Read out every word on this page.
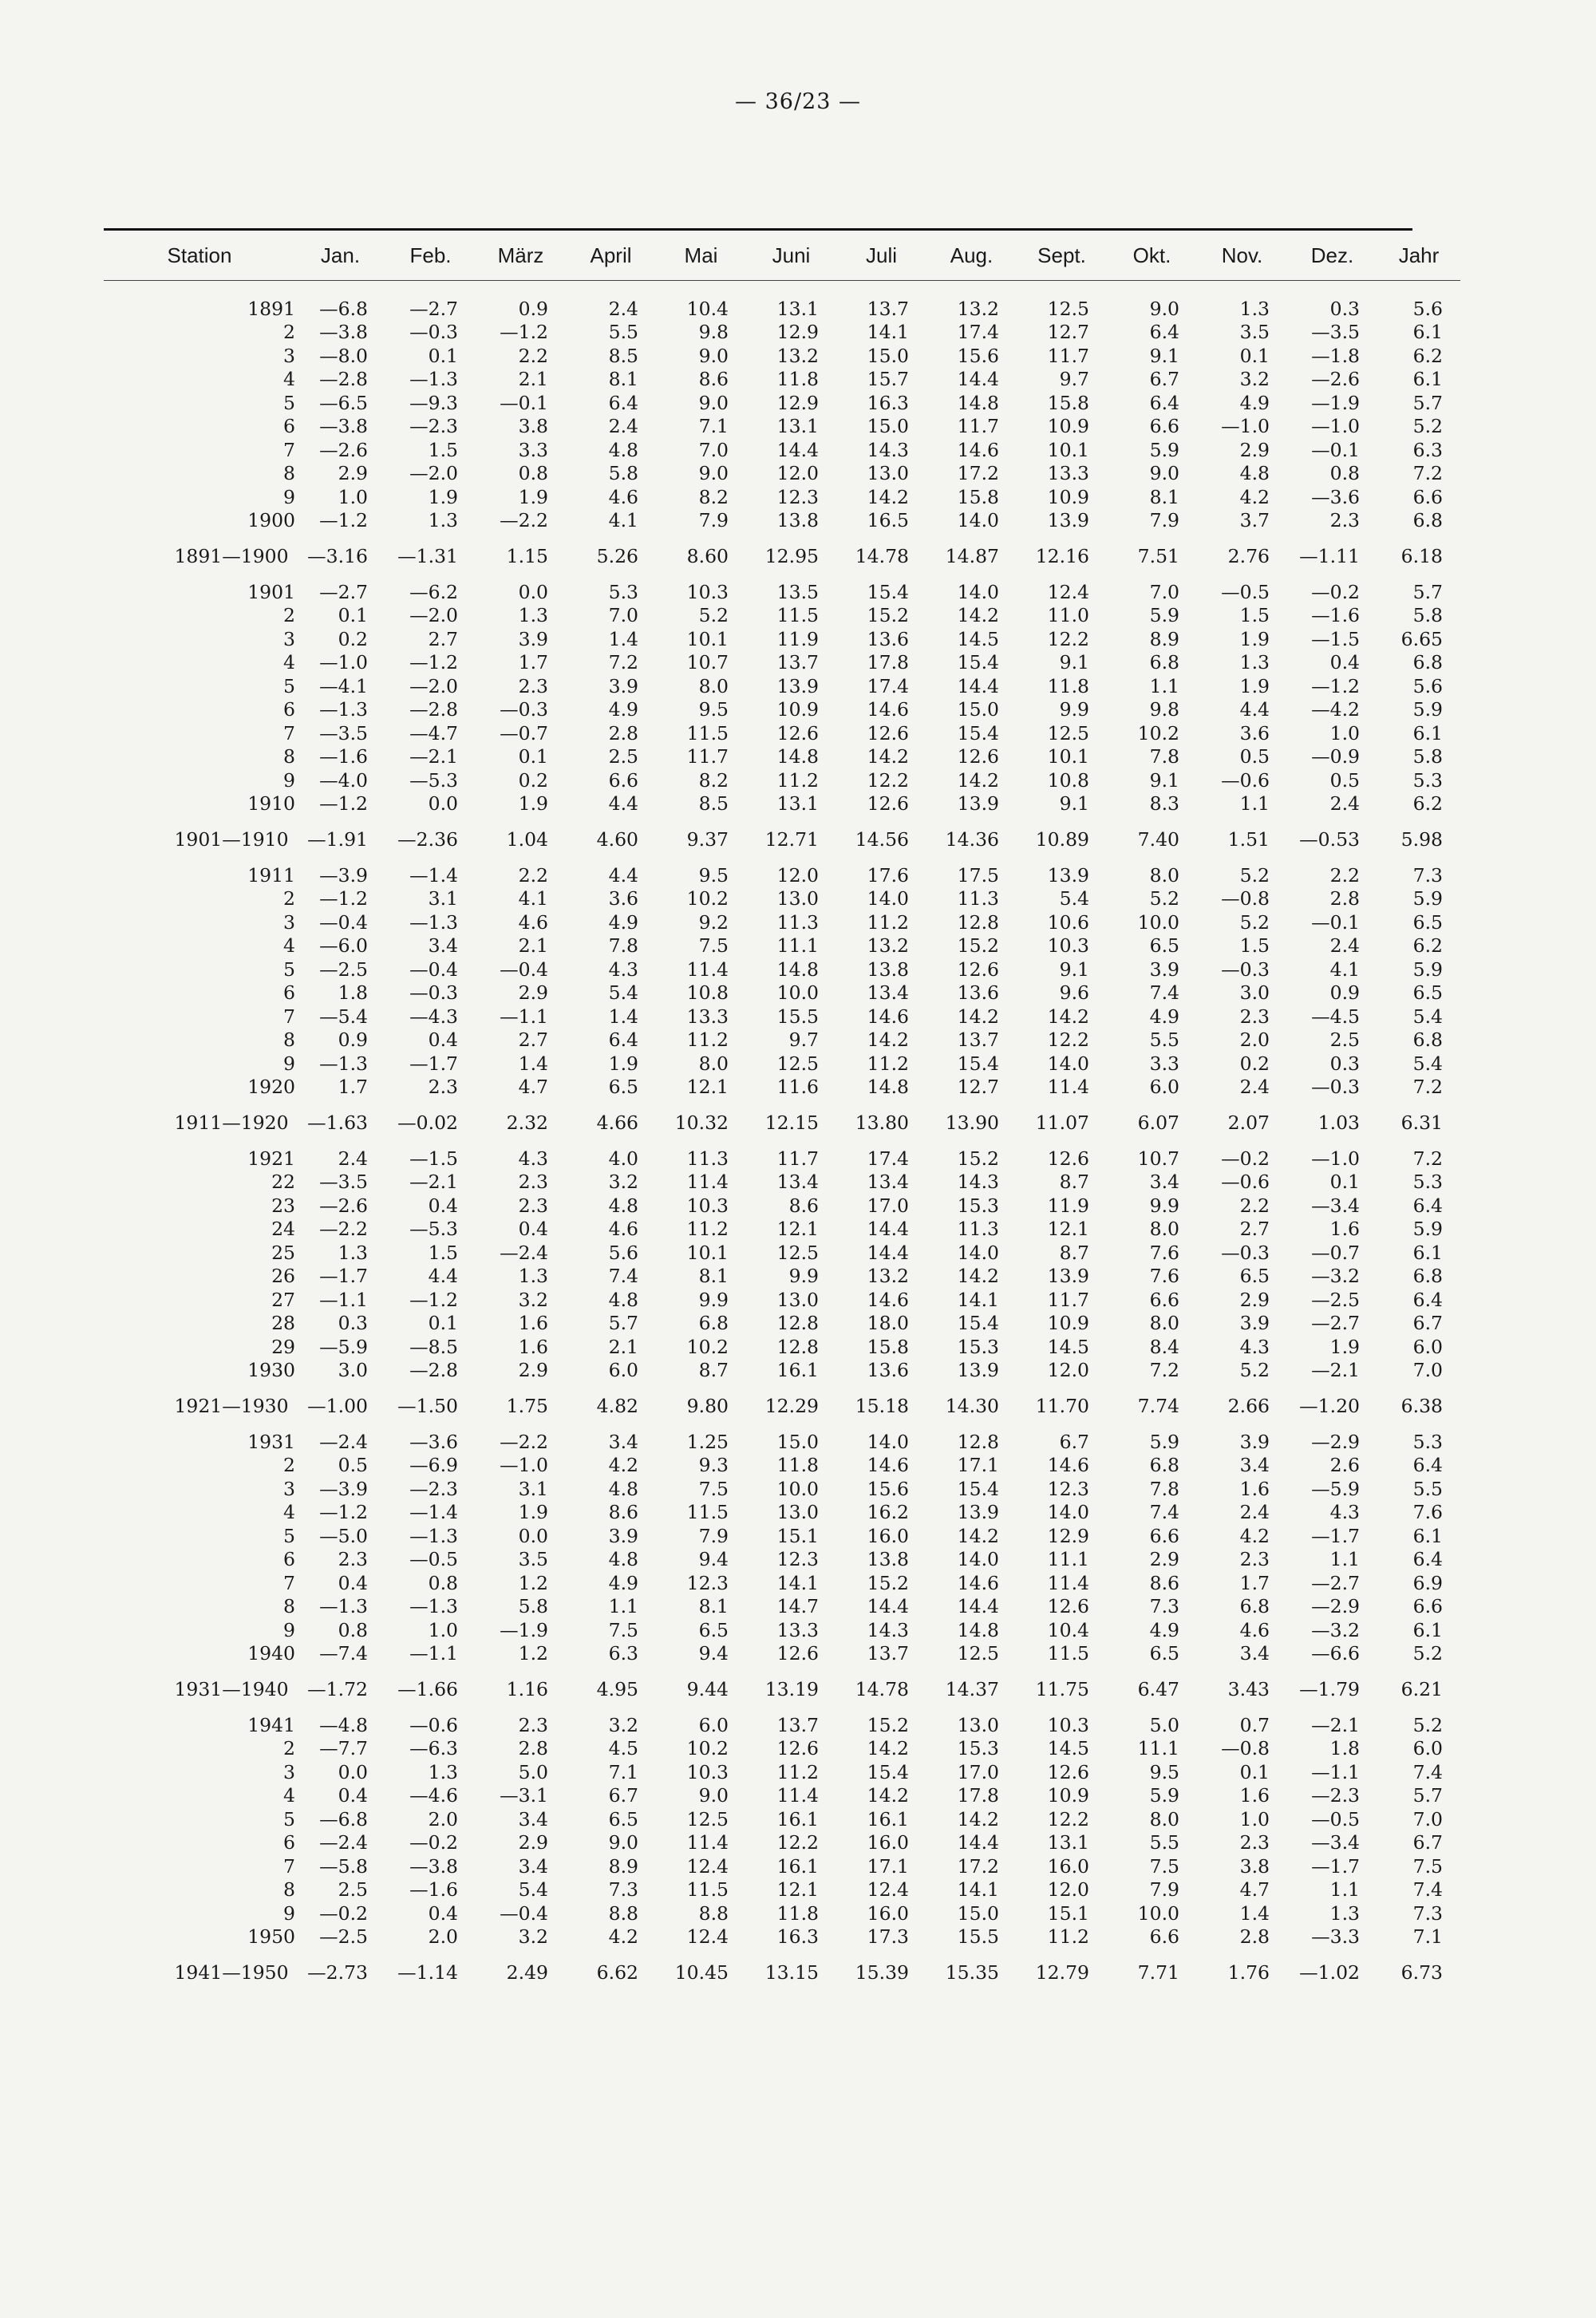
— 36/23 —
Station	Jan.	Feb.	März	April	Mai	Juni	Juli	Aug.	Sept.	Okt.	Nov.	Dez.	Jahr

1891	—6.8	—2.7	0.9	2.4	10.4	13.1	13.7	13.2	12.5	9.0	1.3	0.3	5.6
2	—3.8	—0.3	—1.2	5.5	9.8	12.9	14.1	17.4	12.7	6.4	3.5	—3.5	6.1
3	—8.0	0.1	2.2	8.5	9.0	13.2	15.0	15.6	11.7	9.1	0.1	—1.8	6.2
4	—2.8	—1.3	2.1	8.1	8.6	11.8	15.7	14.4	9.7	6.7	3.2	—2.6	6.1
5	—6.5	—9.3	—0.1	6.4	9.0	12.9	16.3	14.8	15.8	6.4	4.9	—1.9	5.7
6	—3.8	—2.3	3.8	2.4	7.1	13.1	15.0	11.7	10.9	6.6	—1.0	—1.0	5.2
7	—2.6	1.5	3.3	4.8	7.0	14.4	14.3	14.6	10.1	5.9	2.9	—0.1	6.3
8	2.9	—2.0	0.8	5.8	9.0	12.0	13.0	17.2	13.3	9.0	4.8	0.8	7.2
9	1.0	1.9	1.9	4.6	8.2	12.3	14.2	15.8	10.9	8.1	4.2	—3.6	6.6
1900	—1.2	1.3	—2.2	4.1	7.9	13.8	16.5	14.0	13.9	7.9	3.7	2.3	6.8

1891—1900	—3.16	—1.31	1.15	5.26	8.60	12.95	14.78	14.87	12.16	7.51	2.76	—1.11	6.18

1901	—2.7	—6.2	0.0	5.3	10.3	13.5	15.4	14.0	12.4	7.0	—0.5	—0.2	5.7
2	0.1	—2.0	1.3	7.0	5.2	11.5	15.2	14.2	11.0	5.9	1.5	—1.6	5.8
3	0.2	2.7	3.9	1.4	10.1	11.9	13.6	14.5	12.2	8.9	1.9	—1.5	6.65
4	—1.0	—1.2	1.7	7.2	10.7	13.7	17.8	15.4	9.1	6.8	1.3	0.4	6.8
5	—4.1	—2.0	2.3	3.9	8.0	13.9	17.4	14.4	11.8	1.1	1.9	—1.2	5.6
6	—1.3	—2.8	—0.3	4.9	9.5	10.9	14.6	15.0	9.9	9.8	4.4	—4.2	5.9
7	—3.5	—4.7	—0.7	2.8	11.5	12.6	12.6	15.4	12.5	10.2	3.6	1.0	6.1
8	—1.6	—2.1	0.1	2.5	11.7	14.8	14.2	12.6	10.1	7.8	0.5	—0.9	5.8
9	—4.0	—5.3	0.2	6.6	8.2	11.2	12.2	14.2	10.8	9.1	—0.6	0.5	5.3
1910	—1.2	0.0	1.9	4.4	8.5	13.1	12.6	13.9	9.1	8.3	1.1	2.4	6.2

1901—1910	—1.91	—2.36	1.04	4.60	9.37	12.71	14.56	14.36	10.89	7.40	1.51	—0.53	5.98

1911	—3.9	—1.4	2.2	4.4	9.5	12.0	17.6	17.5	13.9	8.0	5.2	2.2	7.3
2	—1.2	3.1	4.1	3.6	10.2	13.0	14.0	11.3	5.4	5.2	—0.8	2.8	5.9
3	—0.4	—1.3	4.6	4.9	9.2	11.3	11.2	12.8	10.6	10.0	5.2	—0.1	6.5
4	—6.0	3.4	2.1	7.8	7.5	11.1	13.2	15.2	10.3	6.5	1.5	2.4	6.2
5	—2.5	—0.4	—0.4	4.3	11.4	14.8	13.8	12.6	9.1	3.9	—0.3	4.1	5.9
6	1.8	—0.3	2.9	5.4	10.8	10.0	13.4	13.6	9.6	7.4	3.0	0.9	6.5
7	—5.4	—4.3	—1.1	1.4	13.3	15.5	14.6	14.2	14.2	4.9	2.3	—4.5	5.4
8	0.9	0.4	2.7	6.4	11.2	9.7	14.2	13.7	12.2	5.5	2.0	2.5	6.8
9	—1.3	—1.7	1.4	1.9	8.0	12.5	11.2	15.4	14.0	3.3	0.2	0.3	5.4
1920	1.7	2.3	4.7	6.5	12.1	11.6	14.8	12.7	11.4	6.0	2.4	—0.3	7.2

1911—1920	—1.63	—0.02	2.32	4.66	10.32	12.15	13.80	13.90	11.07	6.07	2.07	1.03	6.31

1921	2.4	—1.5	4.3	4.0	11.3	11.7	17.4	15.2	12.6	10.7	—0.2	—1.0	7.2
22	—3.5	—2.1	2.3	3.2	11.4	13.4	13.4	14.3	8.7	3.4	—0.6	0.1	5.3
23	—2.6	0.4	2.3	4.8	10.3	8.6	17.0	15.3	11.9	9.9	2.2	—3.4	6.4
24	—2.2	—5.3	0.4	4.6	11.2	12.1	14.4	11.3	12.1	8.0	2.7	1.6	5.9
25	1.3	1.5	—2.4	5.6	10.1	12.5	14.4	14.0	8.7	7.6	—0.3	—0.7	6.1
26	—1.7	4.4	1.3	7.4	8.1	9.9	13.2	14.2	13.9	7.6	6.5	—3.2	6.8
27	—1.1	—1.2	3.2	4.8	9.9	13.0	14.6	14.1	11.7	6.6	2.9	—2.5	6.4
28	0.3	0.1	1.6	5.7	6.8	12.8	18.0	15.4	10.9	8.0	3.9	—2.7	6.7
29	—5.9	—8.5	1.6	2.1	10.2	12.8	15.8	15.3	14.5	8.4	4.3	1.9	6.0
1930	3.0	—2.8	2.9	6.0	8.7	16.1	13.6	13.9	12.0	7.2	5.2	—2.1	7.0

1921—1930	—1.00	—1.50	1.75	4.82	9.80	12.29	15.18	14.30	11.70	7.74	2.66	—1.20	6.38

1931	—2.4	—3.6	—2.2	3.4	1.25	15.0	14.0	12.8	6.7	5.9	3.9	—2.9	5.3
2	0.5	—6.9	—1.0	4.2	9.3	11.8	14.6	17.1	14.6	6.8	3.4	2.6	6.4
3	—3.9	—2.3	3.1	4.8	7.5	10.0	15.6	15.4	12.3	7.8	1.6	—5.9	5.5
4	—1.2	—1.4	1.9	8.6	11.5	13.0	16.2	13.9	14.0	7.4	2.4	4.3	7.6
5	—5.0	—1.3	0.0	3.9	7.9	15.1	16.0	14.2	12.9	6.6	4.2	—1.7	6.1
6	2.3	—0.5	3.5	4.8	9.4	12.3	13.8	14.0	11.1	2.9	2.3	1.1	6.4
7	0.4	0.8	1.2	4.9	12.3	14.1	15.2	14.6	11.4	8.6	1.7	—2.7	6.9
8	—1.3	—1.3	5.8	1.1	8.1	14.7	14.4	14.4	12.6	7.3	6.8	—2.9	6.6
9	0.8	1.0	—1.9	7.5	6.5	13.3	14.3	14.8	10.4	4.9	4.6	—3.2	6.1
1940	—7.4	—1.1	1.2	6.3	9.4	12.6	13.7	12.5	11.5	6.5	3.4	—6.6	5.2

1931—1940	—1.72	—1.66	1.16	4.95	9.44	13.19	14.78	14.37	11.75	6.47	3.43	—1.79	6.21

1941	—4.8	—0.6	2.3	3.2	6.0	13.7	15.2	13.0	10.3	5.0	0.7	—2.1	5.2
2	—7.7	—6.3	2.8	4.5	10.2	12.6	14.2	15.3	14.5	11.1	—0.8	1.8	6.0
3	0.0	1.3	5.0	7.1	10.3	11.2	15.4	17.0	12.6	9.5	0.1	—1.1	7.4
4	0.4	—4.6	—3.1	6.7	9.0	11.4	14.2	17.8	10.9	5.9	1.6	—2.3	5.7
5	—6.8	2.0	3.4	6.5	12.5	16.1	16.1	14.2	12.2	8.0	1.0	—0.5	7.0
6	—2.4	—0.2	2.9	9.0	11.4	12.2	16.0	14.4	13.1	5.5	2.3	—3.4	6.7
7	—5.8	—3.8	3.4	8.9	12.4	16.1	17.1	17.2	16.0	7.5	3.8	—1.7	7.5
8	2.5	—1.6	5.4	7.3	11.5	12.1	12.4	14.1	12.0	7.9	4.7	1.1	7.4
9	—0.2	0.4	—0.4	8.8	8.8	11.8	16.0	15.0	15.1	10.0	1.4	1.3	7.3
1950	—2.5	2.0	3.2	4.2	12.4	16.3	17.3	15.5	11.2	6.6	2.8	—3.3	7.1

1941—1950	—2.73	—1.14	2.49	6.62	10.45	13.15	15.39	15.35	12.79	7.71	1.76	—1.02	6.73
